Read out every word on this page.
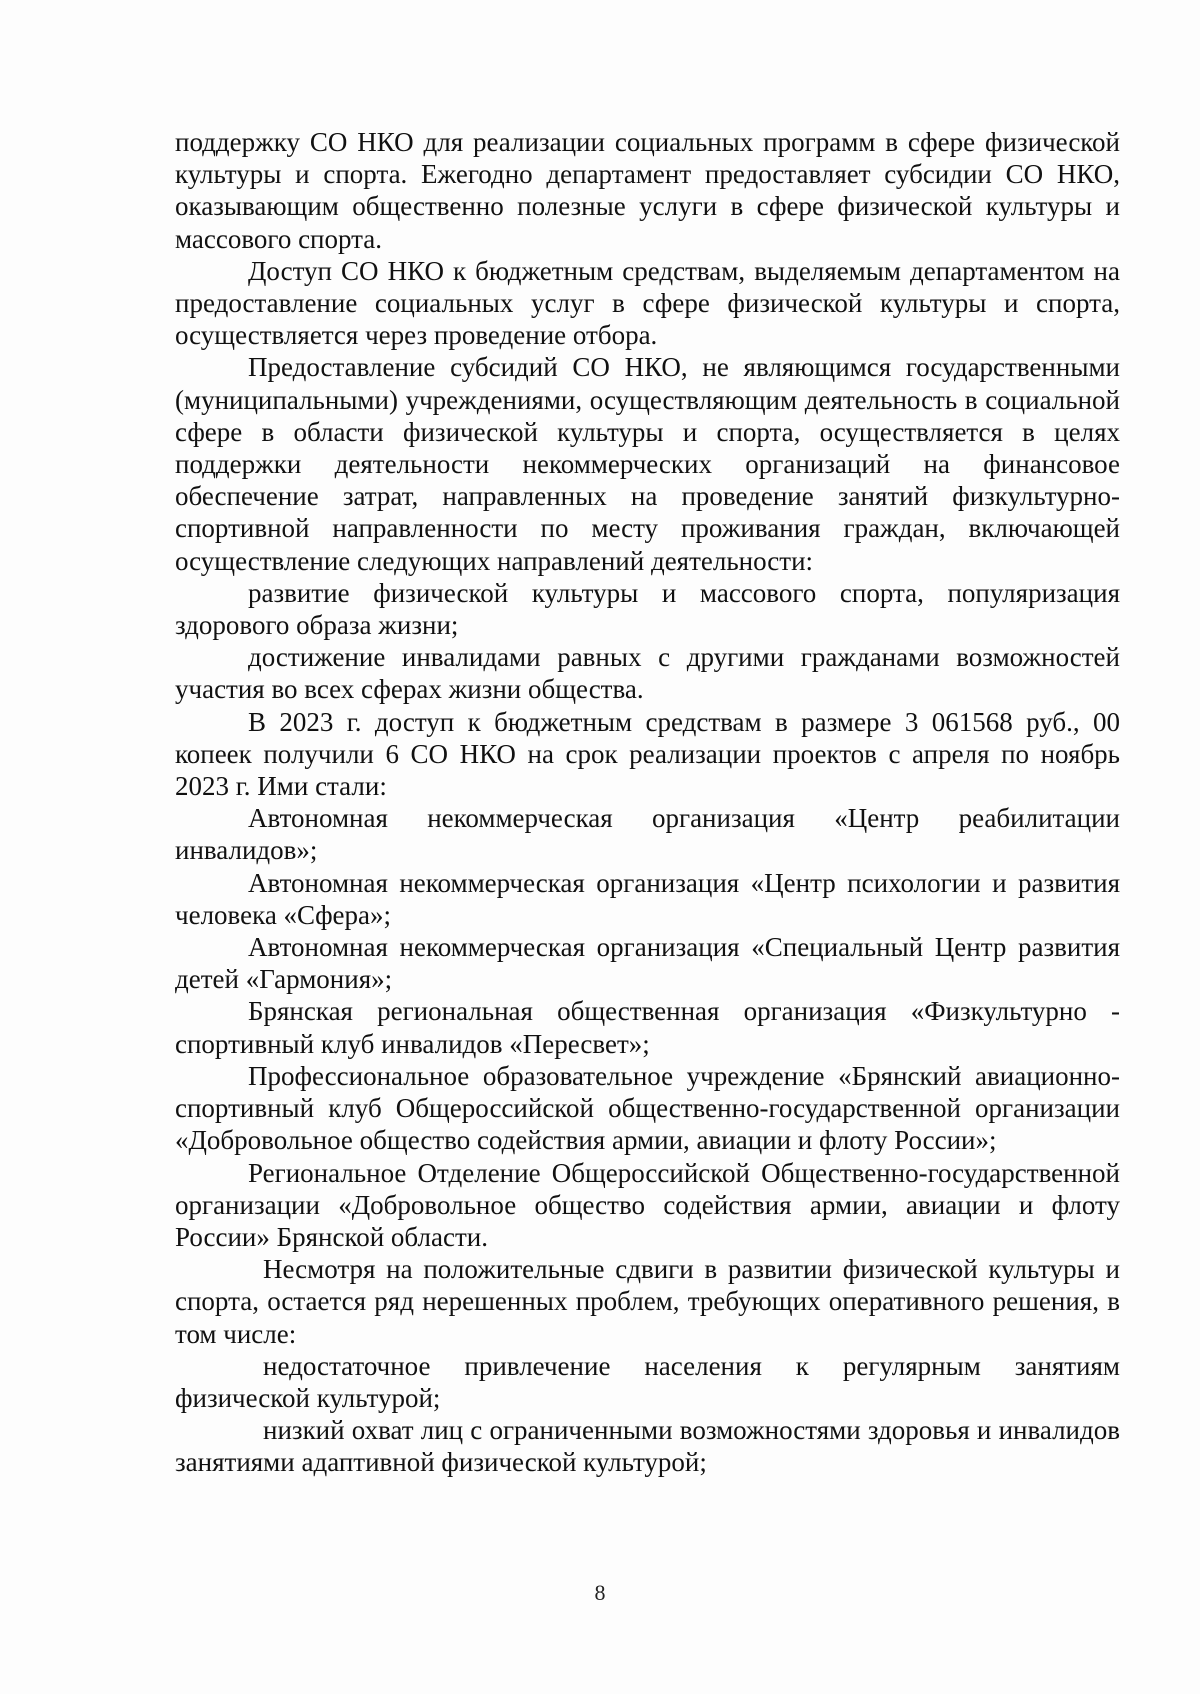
поддержку СО НКО для реализации социальных программ в сфере физической культуры и спорта. Ежегодно департамент предоставляет субсидии СО НКО, оказывающим общественно полезные услуги в сфере физической культуры и массового спорта.

Доступ СО НКО к бюджетным средствам, выделяемым департаментом на предоставление социальных услуг в сфере физической культуры и спорта, осуществляется через проведение отбора.

Предоставление субсидий СО НКО, не являющимся государственными (муниципальными) учреждениями, осуществляющим деятельность в социальной сфере в области физической культуры и спорта, осуществляется в целях поддержки деятельности некоммерческих организаций на финансовое обеспечение затрат, направленных на проведение занятий физкультурно-спортивной направленности по месту проживания граждан, включающей осуществление следующих направлений деятельности:

развитие физической культуры и массового спорта, популяризация здорового образа жизни;

достижение инвалидами равных с другими гражданами возможностей участия во всех сферах жизни общества.

В 2023 г. доступ к бюджетным средствам в размере 3 061568 руб., 00 копеек получили 6 СО НКО на срок реализации проектов с апреля по ноябрь 2023 г. Ими стали:

Автономная некоммерческая организация «Центр реабилитации инвалидов»;

Автономная некоммерческая организация «Центр психологии и развития человека «Сфера»;

Автономная некоммерческая организация «Специальный Центр развития детей «Гармония»;

Брянская региональная общественная организация «Физкультурно - спортивный клуб инвалидов «Пересвет»;

Профессиональное образовательное учреждение «Брянский авиационно-спортивный клуб Общероссийской общественно-государственной организации «Добровольное общество содействия армии, авиации и флоту России»;

Региональное Отделение Общероссийской Общественно-государственной организации «Добровольное общество содействия армии, авиации и флоту России» Брянской области.

Несмотря на положительные сдвиги в развитии физической культуры и спорта, остается ряд нерешенных проблем, требующих оперативного решения, в том числе:

недостаточное привлечение населения к регулярным занятиям физической культурой;

низкий охват лиц с ограниченными возможностями здоровья и инвалидов занятиями адаптивной физической культурой;

8
